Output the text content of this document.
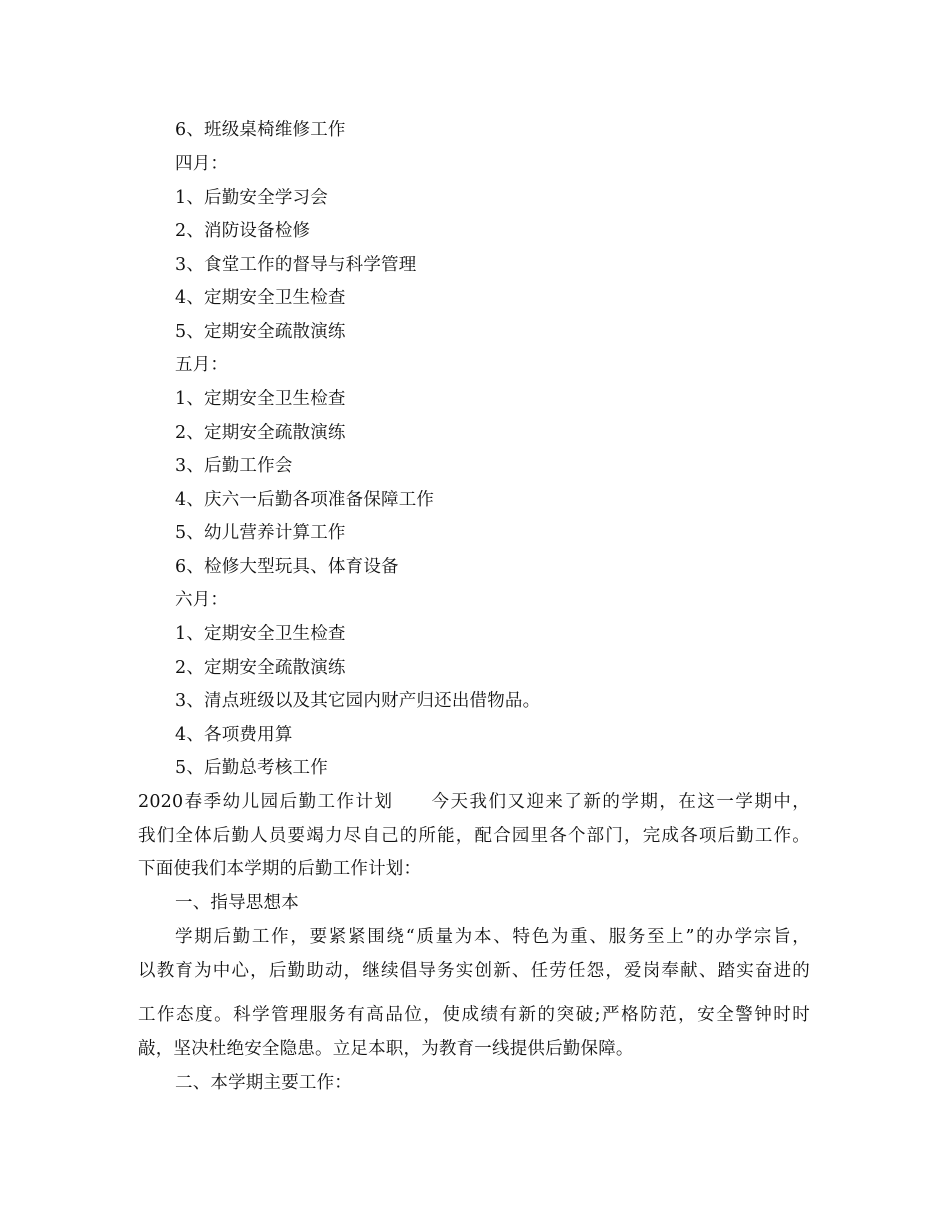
6、班级桌椅维修工作
四月：
1、后勤安全学习会
2、消防设备检修
3、食堂工作的督导与科学管理
4、定期安全卫生检查
5、定期安全疏散演练
五月：
1、定期安全卫生检查
2、定期安全疏散演练
3、后勤工作会
4、庆六一后勤各项准备保障工作
5、幼儿营养计算工作
6、检修大型玩具、体育设备
六月：
1、定期安全卫生检查
2、定期安全疏散演练
3、清点班级以及其它园内财产归还出借物品。
4、各项费用算
5、后勤总考核工作
2020春季幼儿园后勤工作计划　　今天我们又迎来了新的学期，在这一学期中，
我们全体后勤人员要竭力尽自己的所能，配合园里各个部门，完成各项后勤工作。
下面使我们本学期的后勤工作计划：
一、指导思想本
学期后勤工作，要紧紧围绕“质量为本、特色为重、服务至上”的办学宗旨，
以教育为中心，后勤助动，继续倡导务实创新、任劳任怨，爱岗奉献、踏实奋进的
工作态度。科学管理服务有高品位，使成绩有新的突破;严格防范，安全警钟时时
敲，坚决杜绝安全隐患。立足本职，为教育一线提供后勤保障。
二、本学期主要工作：
